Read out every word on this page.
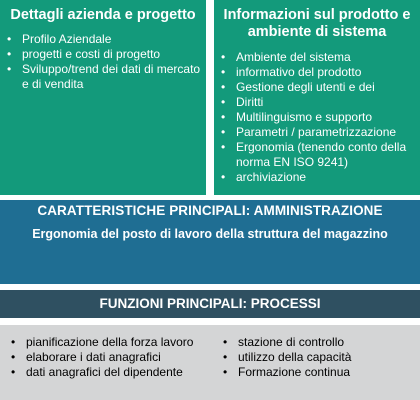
Dettagli azienda e progetto
• Profilo Aziendale
• progetti e costi di progetto
• Sviluppo/trend dei dati di mercato e di vendita
Informazioni sul prodotto e ambiente di sistema
• Ambiente del sistema
• informativo del prodotto
• Gestione degli utenti e dei
• Diritti
• Multilinguismo e supporto
• Parametri / parametrizzazione
• Ergonomia (tenendo conto della norma EN ISO 9241)
• archiviazione
CARATTERISTICHE PRINCIPALI: AMMINISTRAZIONE
Ergonomia del posto di lavoro della struttura del magazzino
FUNZIONI PRINCIPALI: PROCESSI
• pianificazione della forza lavoro
• elaborare i dati anagrafici
• dati anagrafici del dipendente
• stazione di controllo
• utilizzo della capacità
• Formazione continua
